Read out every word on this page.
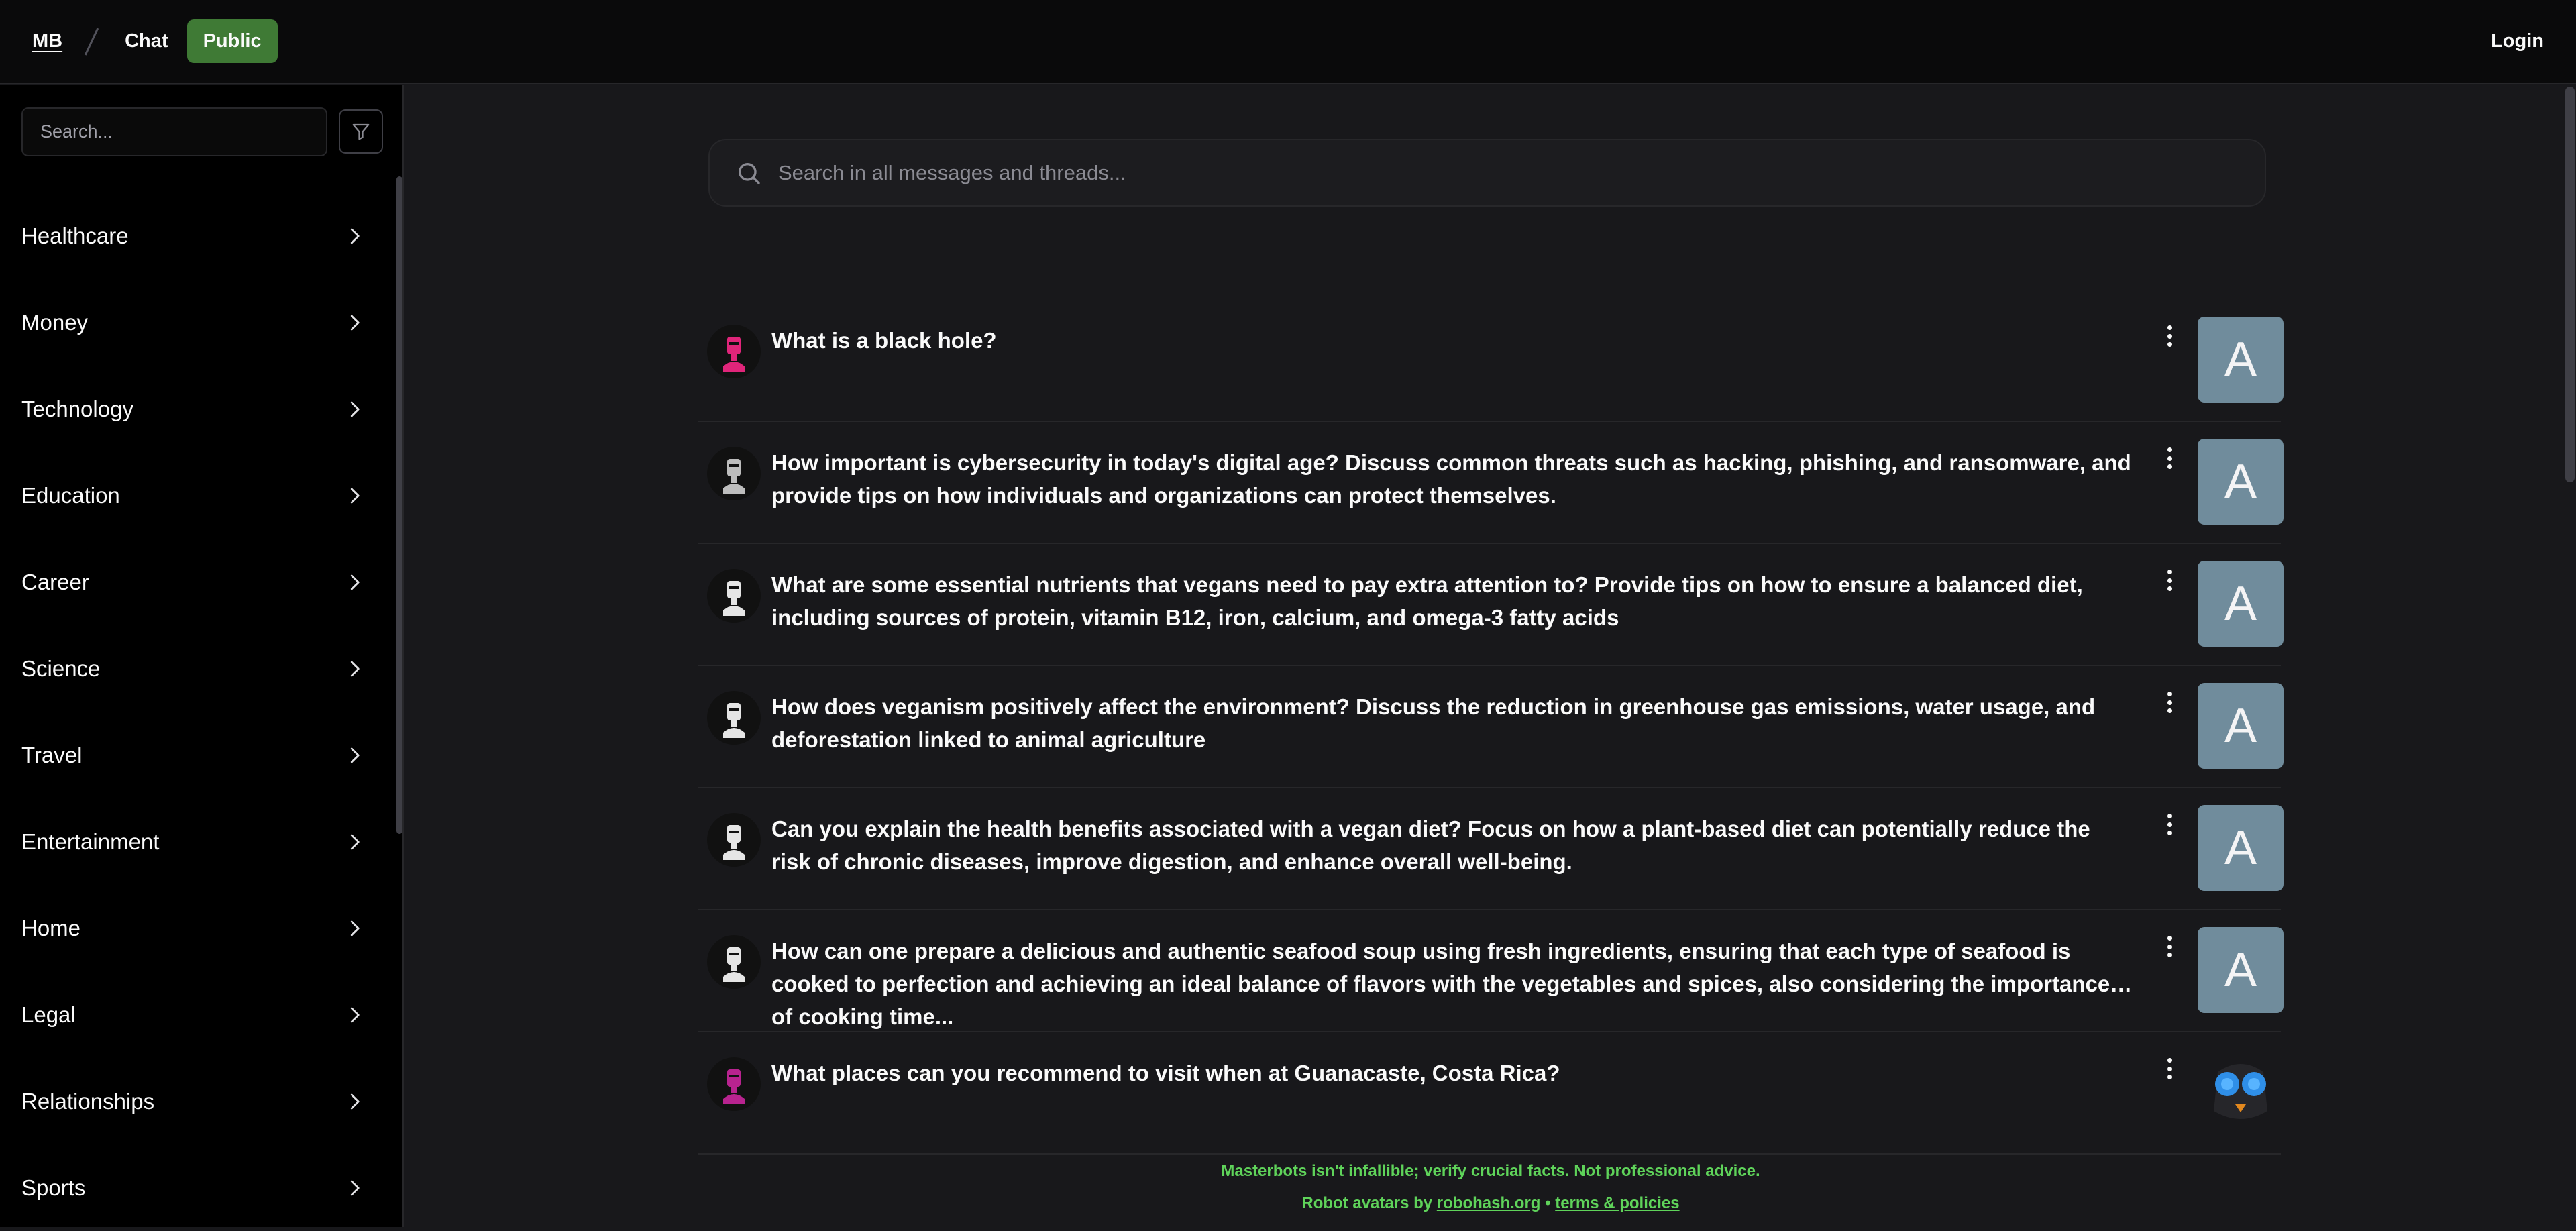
MB	Chat	Public	Login
Search...
Healthcare
Money
Technology
Education
Career
Science
Travel
Entertainment
Home
Legal
Relationships
Sports
Search in all messages and threads...
What is a black hole?	A
How important is cybersecurity in today's digital age? Discuss common threats such as hacking, phishing, and ransomware, and provide tips on how individuals and organizations can protect themselves.	A
What are some essential nutrients that vegans need to pay extra attention to? Provide tips on how to ensure a balanced diet, including sources of protein, vitamin B12, iron, calcium, and omega-3 fatty acids	A
How does veganism positively affect the environment? Discuss the reduction in greenhouse gas emissions, water usage, and deforestation linked to animal agriculture	A
Can you explain the health benefits associated with a vegan diet? Focus on how a plant-based diet can potentially reduce the risk of chronic diseases, improve digestion, and enhance overall well-being.	A
How can one prepare a delicious and authentic seafood soup using fresh ingredients, ensuring that each type of seafood is cooked to perfection and achieving an ideal balance of flavors with the vegetables and spices, also considering the importance of cooking time...
A
What places can you recommend to visit when at Guanacaste, Costa Rica?
Masterbots isn't infallible; verify crucial facts. Not professional advice.
Robot avatars by robohash.org • terms & policies
